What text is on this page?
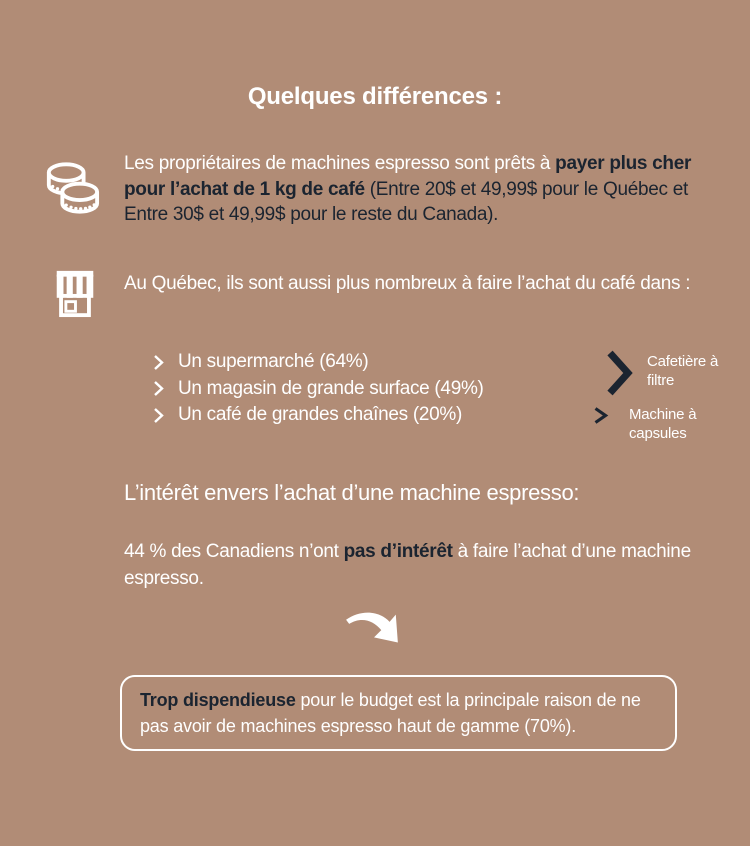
Quelques différences :
Les propriétaires de machines espresso sont prêts à payer plus cher pour l’achat de 1 kg de café (Entre 20$ et 49,99$ pour le Québec et Entre 30$ et 49,99$ pour le reste du Canada).
Au Québec, ils sont aussi plus nombreux à faire l’achat du café dans :
Un supermarché (64%)
Un magasin de grande surface (49%)
Un café de grandes chaînes (20%)
Cafetière à filtre
Machine à capsules
L’intérêt envers l’achat d’une machine espresso:
44 % des Canadiens n’ont pas d’intérêt à faire l’achat d’une machine espresso.
Trop dispendieuse pour le budget est la principale raison de ne pas avoir de machines espresso haut de gamme (70%).
